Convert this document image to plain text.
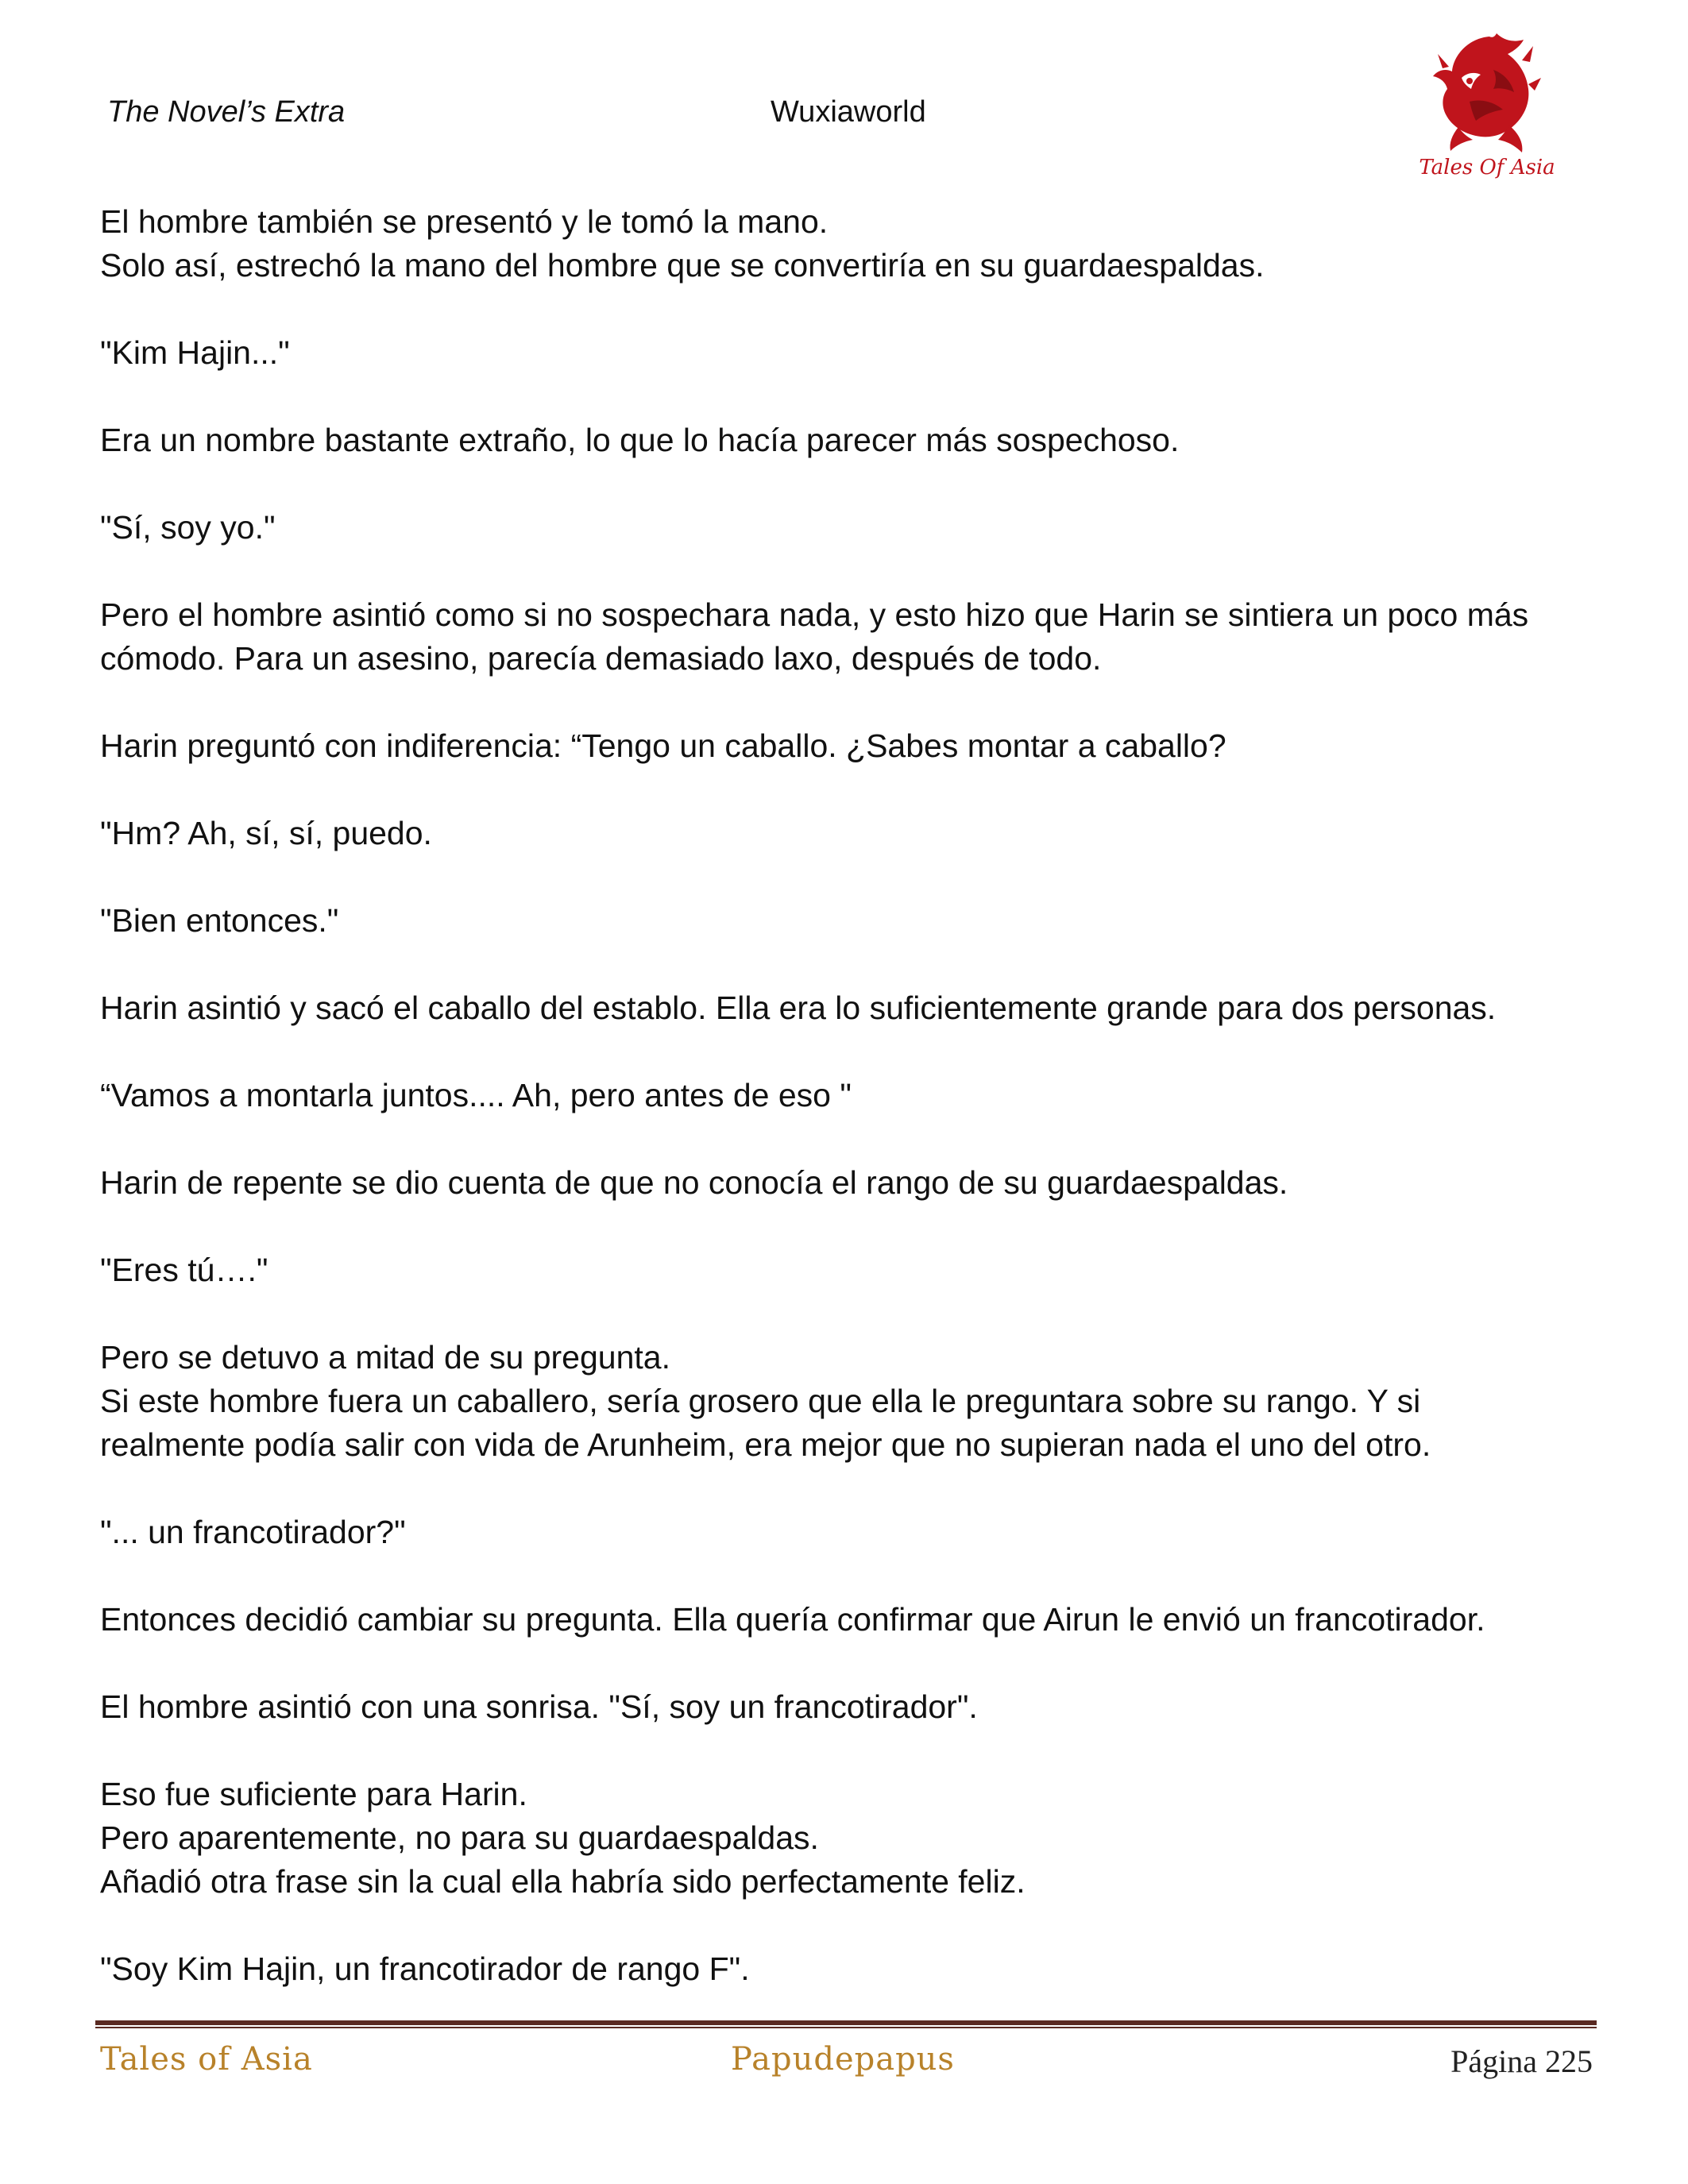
The Novel’s Extra	Wuxiaworld
Tales Of Asia
El hombre también se presentó y le tomó la mano.
Solo así, estrechó la mano del hombre que se convertiría en su guardaespaldas.
"Kim Hajin..."
Era un nombre bastante extraño, lo que lo hacía parecer más sospechoso.
"Sí, soy yo."
Pero el hombre asintió como si no sospechara nada, y esto hizo que Harin se sintiera un poco más
cómodo. Para un asesino, parecía demasiado laxo, después de todo.
Harin preguntó con indiferencia: “Tengo un caballo. ¿Sabes montar a caballo?
"Hm? Ah, sí, sí, puedo.
"Bien entonces."
Harin asintió y sacó el caballo del establo. Ella era lo suficientemente grande para dos personas.
“Vamos a montarla juntos.... Ah, pero antes de eso "
Harin de repente se dio cuenta de que no conocía el rango de su guardaespaldas.
"Eres tú…."
Pero se detuvo a mitad de su pregunta.
Si este hombre fuera un caballero, sería grosero que ella le preguntara sobre su rango. Y si
realmente podía salir con vida de Arunheim, era mejor que no supieran nada el uno del otro.
"... un francotirador?"
Entonces decidió cambiar su pregunta. Ella quería confirmar que Airun le envió un francotirador.
El hombre asintió con una sonrisa. "Sí, soy un francotirador".
Eso fue suficiente para Harin.
Pero aparentemente, no para su guardaespaldas.
Añadió otra frase sin la cual ella habría sido perfectamente feliz.
"Soy Kim Hajin, un francotirador de rango F".
Tales of Asia	Papudepapus	Página 225
